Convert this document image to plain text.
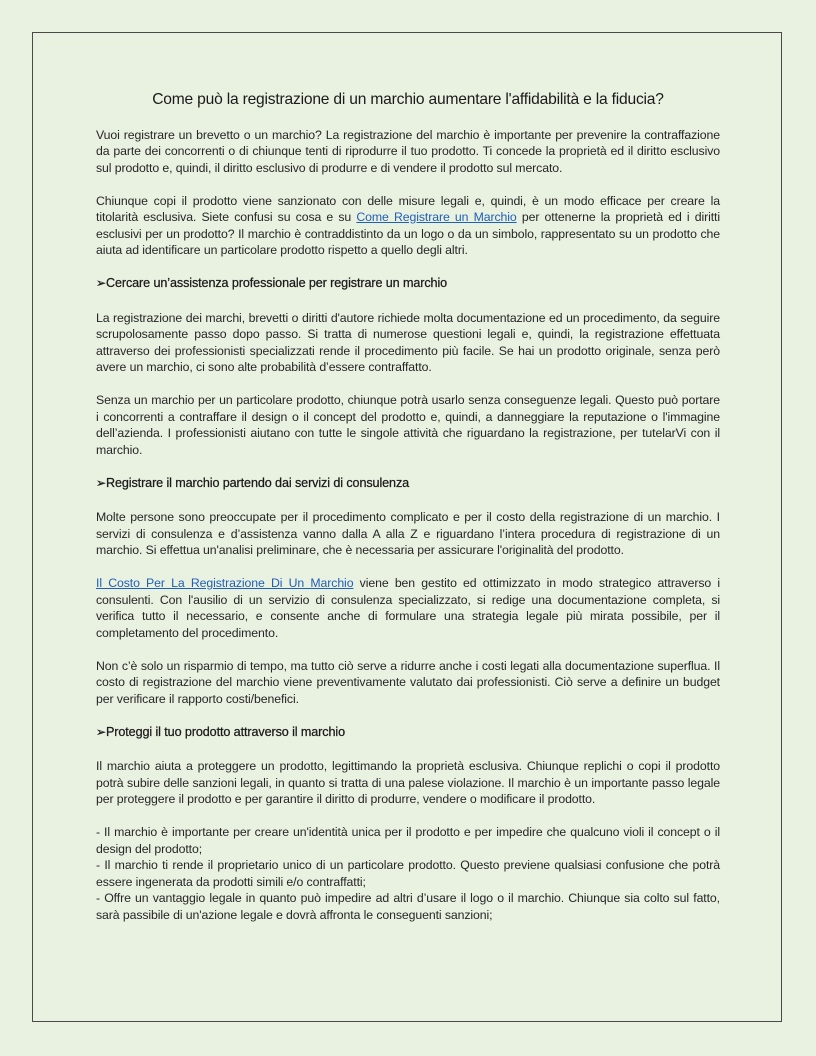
Come può la registrazione di un marchio aumentare l'affidabilità e la fiducia?

Vuoi registrare un brevetto o un marchio? La registrazione del marchio è importante per prevenire la contraffazione da parte dei concorrenti o di chiunque tenti di riprodurre il tuo prodotto. Ti concede la proprietà ed il diritto esclusivo sul prodotto e, quindi, il diritto esclusivo di produrre e di vendere il prodotto sul mercato.

Chiunque copi il prodotto viene sanzionato con delle misure legali e, quindi, è un modo efficace per creare la titolarità esclusiva. Siete confusi su cosa e su Come Registrare un Marchio per ottenerne la proprietà ed i diritti esclusivi per un prodotto? Il marchio è contraddistinto da un logo o da un simbolo, rappresentato su un prodotto che aiuta ad identificare un particolare prodotto rispetto a quello degli altri.

➢Cercare un’assistenza professionale per registrare un marchio

La registrazione dei marchi, brevetti o diritti d'autore richiede molta documentazione ed un procedimento, da seguire scrupolosamente passo dopo passo. Si tratta di numerose questioni legali e, quindi, la registrazione effettuata attraverso dei professionisti specializzati rende il procedimento più facile. Se hai un prodotto originale, senza però avere un marchio, ci sono alte probabilità d’essere contraffatto.

Senza un marchio per un particolare prodotto, chiunque potrà usarlo senza conseguenze legali. Questo può portare i concorrenti a contraffare il design o il concept del prodotto e, quindi, a danneggiare la reputazione o l'immagine dell’azienda. I professionisti aiutano con tutte le singole attività che riguardano la registrazione, per tutelarVi con il marchio.

➢Registrare il marchio partendo dai servizi di consulenza

Molte persone sono preoccupate per il procedimento complicato e per il costo della registrazione di un marchio. I servizi di consulenza e d’assistenza vanno dalla A alla Z e riguardano l’intera procedura di registrazione di un marchio. Si effettua un'analisi preliminare, che è necessaria per assicurare l'originalità del prodotto.

Il Costo Per La Registrazione Di Un Marchio viene ben gestito ed ottimizzato in modo strategico attraverso i consulenti. Con l'ausilio di un servizio di consulenza specializzato, si redige una documentazione completa, si verifica tutto il necessario, e consente anche di formulare una strategia legale più mirata possibile, per il completamento del procedimento.

Non c’è solo un risparmio di tempo, ma tutto ciò serve a ridurre anche i costi legati alla documentazione superflua. Il costo di registrazione del marchio viene preventivamente valutato dai professionisti. Ciò serve a definire un budget per verificare il rapporto costi/benefici.

➢Proteggi il tuo prodotto attraverso il marchio

Il marchio aiuta a proteggere un prodotto, legittimando la proprietà esclusiva. Chiunque replichi o copi il prodotto potrà subire delle sanzioni legali, in quanto si tratta di una palese violazione. Il marchio è un importante passo legale per proteggere il prodotto e per garantire il diritto di produrre, vendere o modificare il prodotto.

- Il marchio è importante per creare un'identità unica per il prodotto e per impedire che qualcuno violi il concept o il design del prodotto;

- Il marchio ti rende il proprietario unico di un particolare prodotto. Questo previene qualsiasi confusione che potrà essere ingenerata da prodotti simili e/o contraffatti;

- Offre un vantaggio legale in quanto può impedire ad altri d’usare il logo o il marchio. Chiunque sia colto sul fatto, sarà passibile di un'azione legale e dovrà affronta le conseguenti sanzioni;
